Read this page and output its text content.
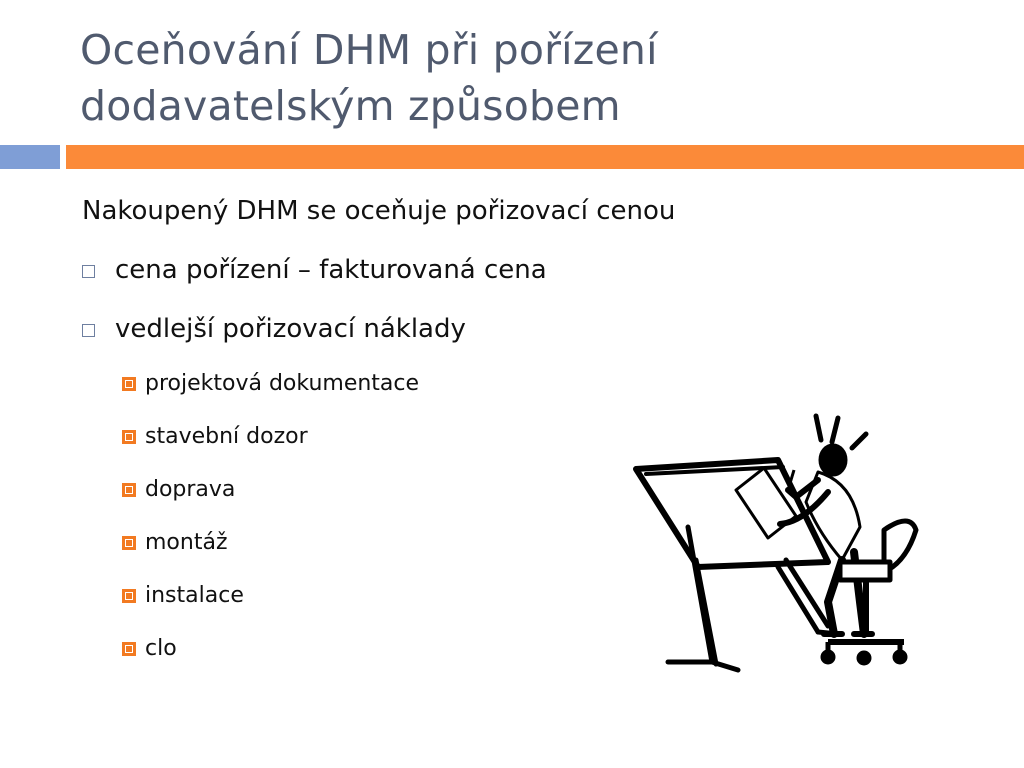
Oceňování DHM při pořízení
dodavatelským způsobem
Nakoupený DHM se oceňuje pořizovací cenou
cena pořízení – fakturovaná cena
vedlejší pořizovací náklady
projektová dokumentace
stavební dozor
doprava
montáž
instalace
clo
